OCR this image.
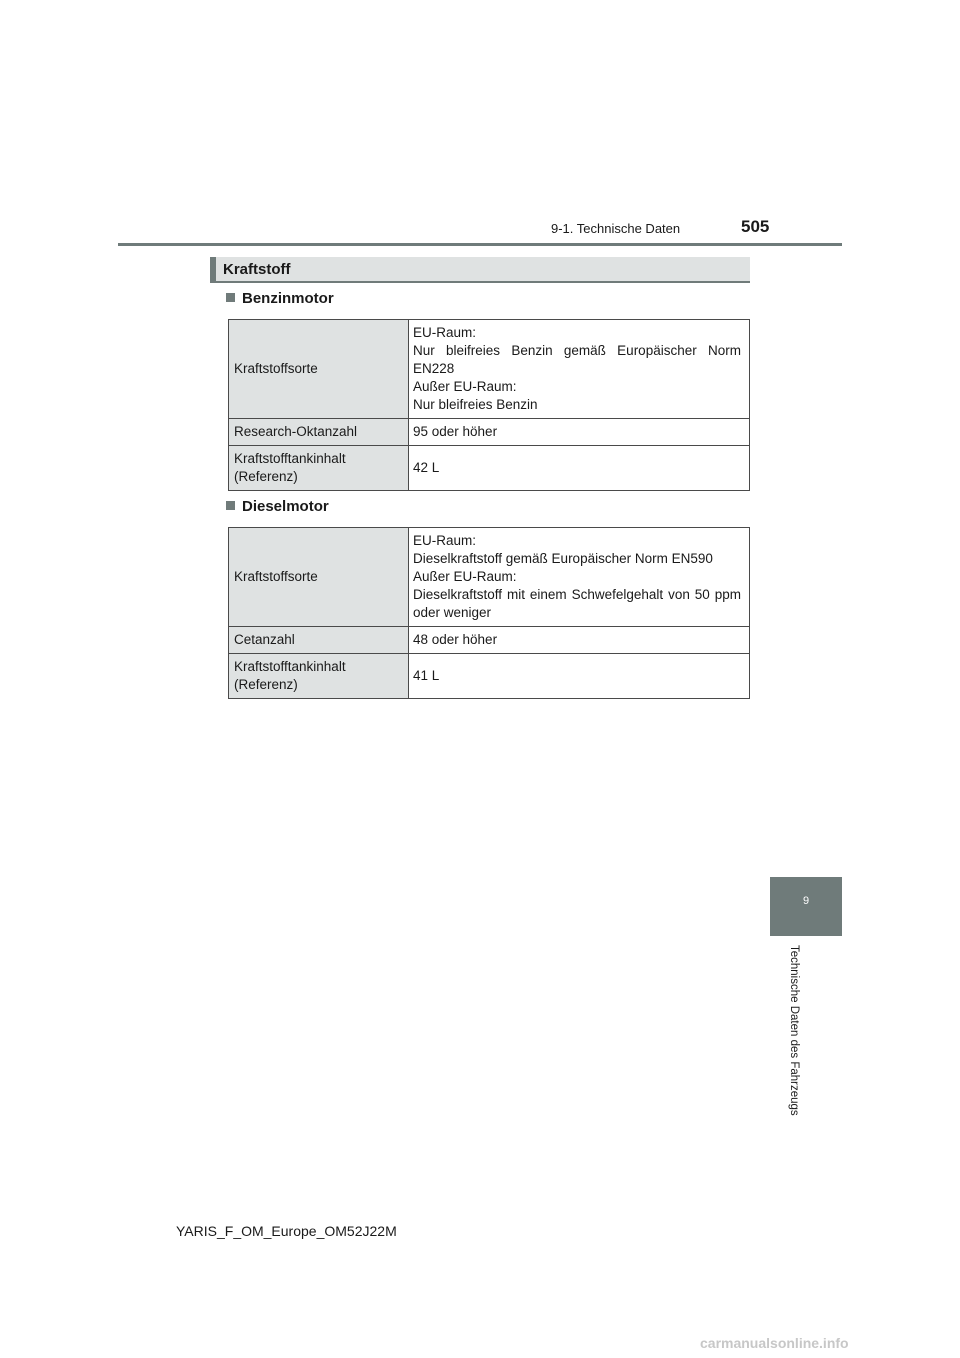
9-1. Technische Daten	505
Kraftstoff
Benzinmotor
Kraftstoffsorte	EU-Raum:
Nur bleifreies Benzin gemäß Europäischer Norm EN228
Außer EU-Raum:
Nur bleifreies Benzin

Research-Oktanzahl	95 oder höher
Kraftstofftankinhalt (Referenz)	42 L
Dieselmotor
Kraftstoffsorte	EU-Raum:
Dieselkraftstoff gemäß Europäischer Norm EN590
Außer EU-Raum:
Dieselkraftstoff mit einem Schwefelgehalt von 50 ppm oder weniger

Cetanzahl	48 oder höher
Kraftstofftankinhalt (Referenz)	41 L
9
Technische Daten des Fahrzeugs
YARIS_F_OM_Europe_OM52J22M
carmanualsonline.info
